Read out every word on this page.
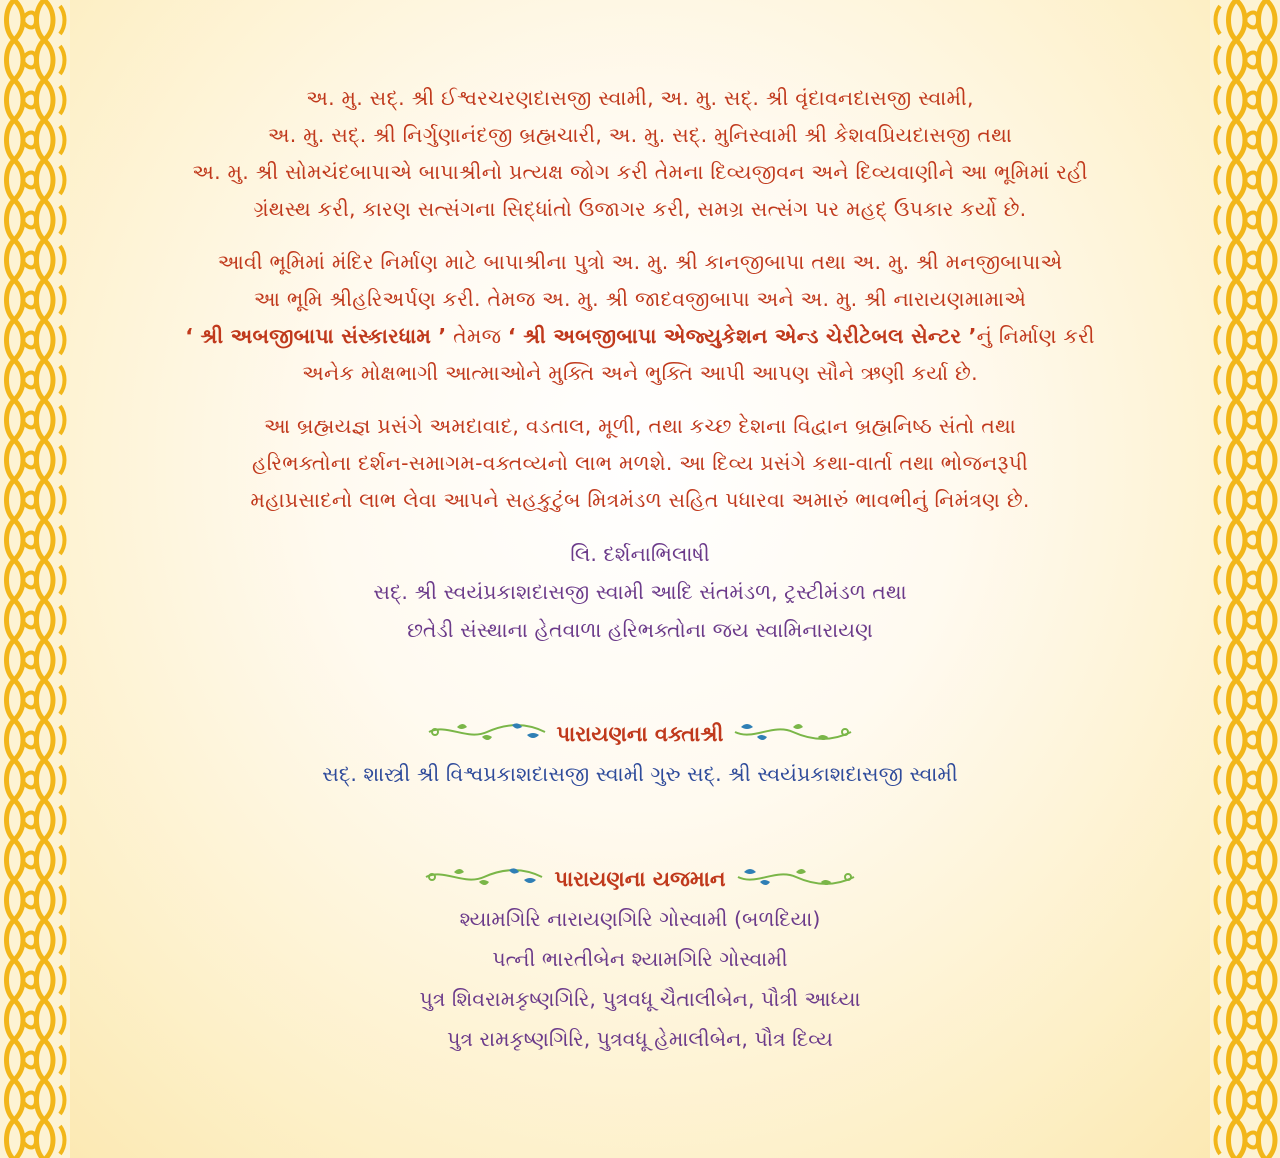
અ. મુ. સદ્. શ્રી ઈશ્વરચરણદાસજી સ્વામી, અ. મુ. સદ્. શ્રી વૃંદાવનદાસજી સ્વામી,
અ. મુ. સદ્. શ્રી નિર્ગુણાનંદજી બ્રહ્મચારી, અ. મુ. સદ્. મુનિસ્વામી શ્રી કેશવપ્રિયદાસજી તથા
અ. મુ. શ્રી સોમચંદબાપાએ બાપાશ્રીનો પ્રત્યક્ષ જોગ કરી તેમના દિવ્યજીવન અને દિવ્યવાણીને આ ભૂમિમાં રહી
ગ્રંથસ્થ કરી, કારણ સત્સંગના સિદ્ધાંતો ઉજાગર કરી, સમગ્ર સત્સંગ પર મહદ્ ઉપકાર કર્યો છે.
આવી ભૂમિમાં મંદિર નિર્માણ માટે બાપાશ્રીના પુત્રો અ. મુ. શ્રી કાનજીબાપા તથા અ. મુ. શ્રી મનજીબાપાએ
આ ભૂમિ શ્રીહરિઅર્પણ કરી. તેમજ અ. મુ. શ્રી જાદવજીબાપા અને અ. મુ. શ્રી નારાયણમામાએ
‘ શ્રી અબજીબાપા સંસ્કારધામ ’ તેમજ ‘ શ્રી અબજીબાપા એજ્યુકેશન એન્ડ ચેરીટેબલ સેન્ટર ’નું નિર્માણ કરી
અનેક મોક્ષભાગી આત્માઓને મુક્તિ અને ભુક્તિ આપી આપણ સૌને ઋણી કર્યા છે.
આ બ્રહ્મયજ્ઞ પ્રસંગે અમદાવાદ, વડતાલ, મૂળી, તથા કચ્છ દેશના વિદ્વાન બ્રહ્મનિષ્ઠ સંતો તથા
હરિભક્તોના દર્શન-સમાગમ-વક્તવ્યનો લાભ મળશે. આ દિવ્ય પ્રસંગે કથા-વાર્તા તથા ભોજનરૂપી
મહાપ્રસાદનો લાભ લેવા આપને સહકુટુંબ મિત્રમંડળ સહિત પધારવા અમારું ભાવભીનું નિમંત્રણ છે.
લિ. દર્શનાભિલાષી
સદ્. શ્રી સ્વયંપ્રકાશદાસજી સ્વામી આદિ સંતમંડળ, ટ્રસ્ટીમંડળ તથા
છતેડી સંસ્થાના હેતવાળા હરિભક્તોના જય સ્વામિનારાયણ
પારાયણના વક્તાશ્રી
સદ્. શાસ્ત્રી શ્રી વિશ્વપ્રકાશદાસજી સ્વામી ગુરુ સદ્. શ્રી સ્વયંપ્રકાશદાસજી સ્વામી
પારાયણના યજમાન
શ્યામગિરિ નારાયણગિરિ ગોસ્વામી (બળદિયા)
પત્ની ભારતીબેન શ્યામગિરિ ગોસ્વામી
પુત્ર શિવરામકૃષ્ણગિરિ, પુત્રવધૂ ચૈતાલીબેન, પૌત્રી આધ્યા
પુત્ર રામકૃષ્ણગિરિ, પુત્રવધૂ હેમાલીબેન, પૌત્ર દિવ્ય
